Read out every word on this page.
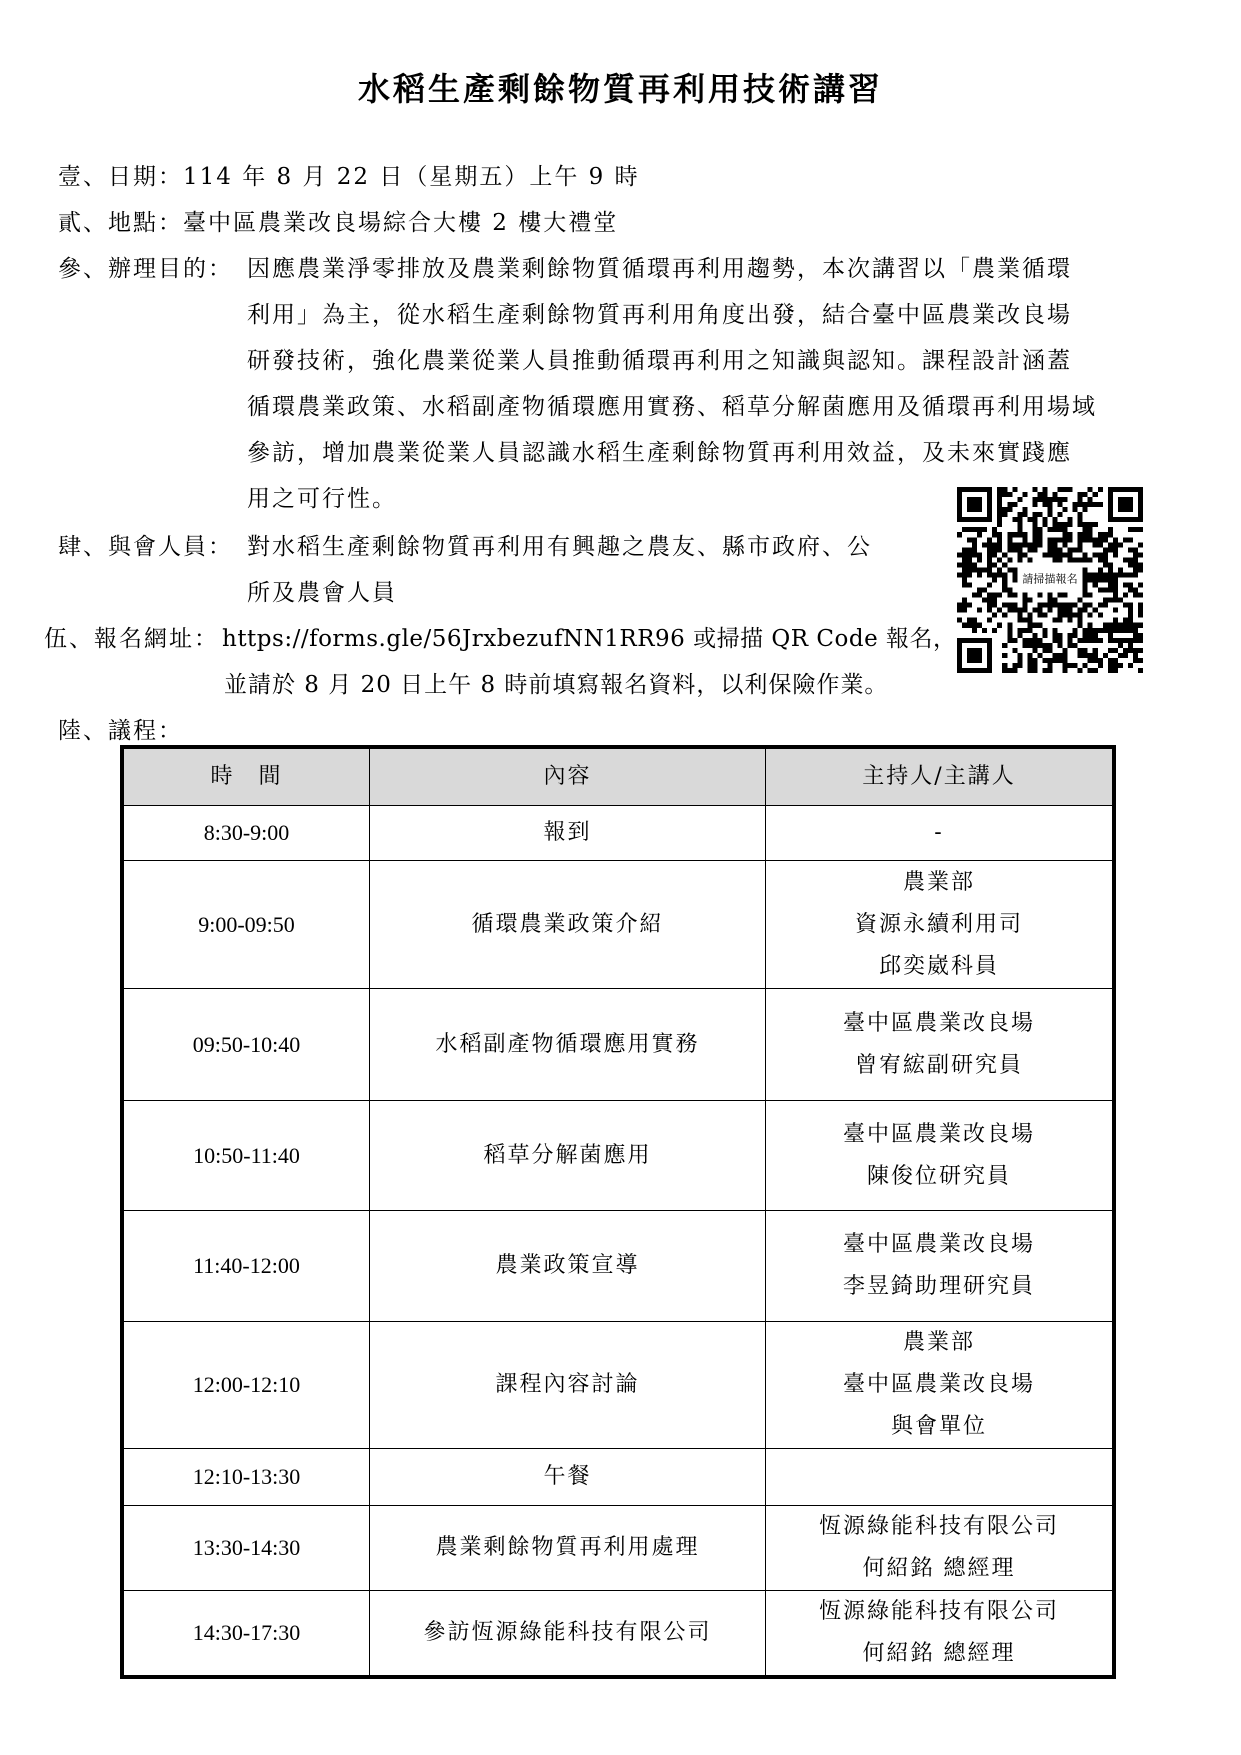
水稻生產剩餘物質再利用技術講習
壹、日期：114 年 8 月 22 日（星期五）上午 9 時
貳、地點：臺中區農業改良場綜合大樓 2 樓大禮堂
參、辦理目的： 因應農業淨零排放及農業剩餘物質循環再利用趨勢，本次講習以「農業循環
利用」為主，從水稻生產剩餘物質再利用角度出發，結合臺中區農業改良場
研發技術，強化農業從業人員推動循環再利用之知識與認知。課程設計涵蓋
循環農業政策、水稻副產物循環應用實務、稻草分解菌應用及循環再利用場域
參訪，增加農業從業人員認識水稻生產剩餘物質再利用效益，及未來實踐應
用之可行性。
肆、與會人員： 對水稻生產剩餘物質再利用有興趣之農友、縣市政府、公
所及農會人員
伍、報名網址： https://forms.gle/56JrxbezufNN1RR96 或掃描 QR Code 報名，
並請於 8 月 20 日上午 8 時前填寫報名資料，以利保險作業。
陸、議程：
請掃描報名
時　間	內容	主持人/主講人
8:30-9:00	報到	-

9:00-09:50	循環農業政策介紹	農業部
資源永續利用司
邱奕崴科員

09:50-10:40	水稻副產物循環應用實務	臺中區農業改良場
曾宥綋副研究員

10:50-11:40	稻草分解菌應用	臺中區農業改良場
陳俊位研究員

11:40-12:00	農業政策宣導	臺中區農業改良場
李昱錡助理研究員

12:00-12:10	課程內容討論	農業部
臺中區農業改良場
與會單位

12:10-13:30	午餐	

13:30-14:30	農業剩餘物質再利用處理	恆源綠能科技有限公司
何紹銘 總經理

14:30-17:30	參訪恆源綠能科技有限公司	恆源綠能科技有限公司
何紹銘 總經理
